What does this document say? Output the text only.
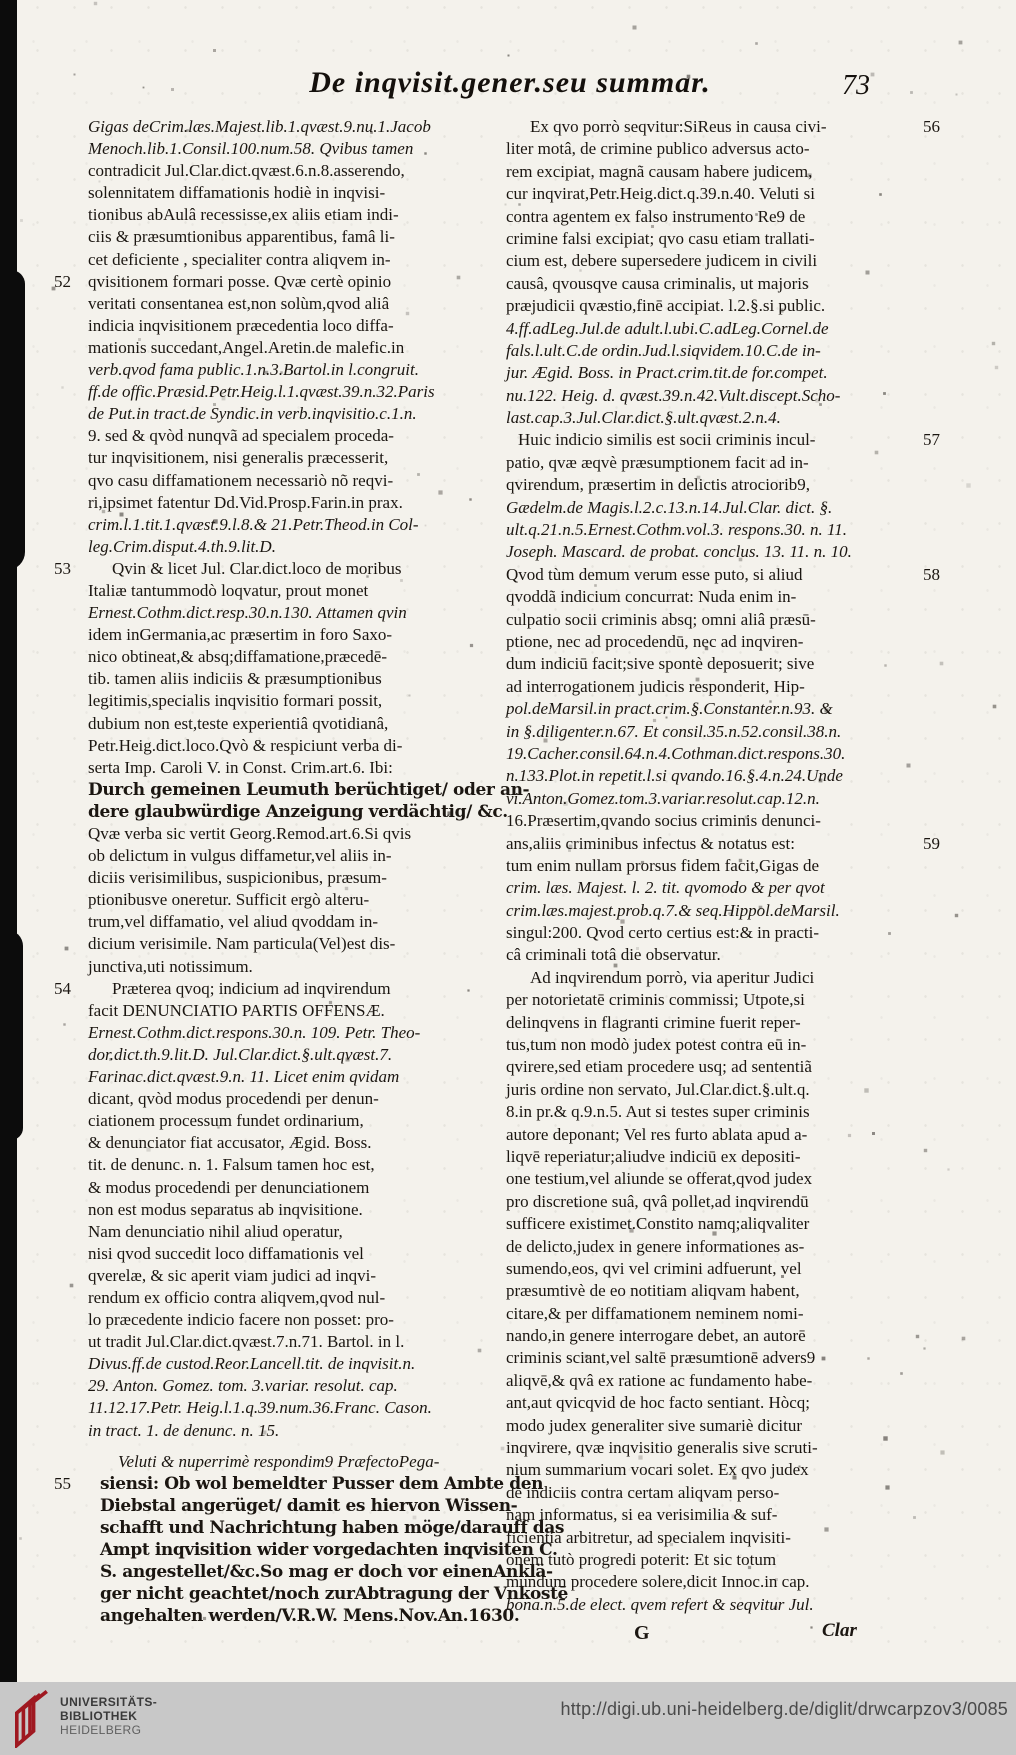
De inqvisit.gener.seu summar.	73
Gigas deCrim.læs.Majest.lib.1.qvæst.9.nu.1.Jacob
Menoch.lib.1.Consil.100.num.58. Qvibus tamen
contradicit Jul.Clar.dict.qvæst.6.n.8.asserendo,
solennitatem diffamationis hodiè in inqvisi-
tionibus abAulâ recessisse,ex aliis etiam indi-
ciis & præsumtionibus apparentibus, famâ li-
cet deficiente , specialiter contra aliqvem in-
qvisitionem formari posse. Qvæ certè opinio
52
veritati consentanea est,non solùm,qvod aliâ
indicia inqvisitionem præcedentia loco diffa-
mationis succedant,Angel.Aretin.de malefic.in
verb.qvod fama public.1.n.3.Bartol.in l.congruit.
ff.de offic.Præsid.Petr.Heig.l.1.qvæst.39.n.32.Paris
de Put.in tract.de Syndic.in verb.inqvisitio.c.1.n.
9. sed & qvòd nunqvã ad specialem proceda-
tur inqvisitionem, nisi generalis præcesserit,
qvo casu diffamationem necessariò nõ reqvi-
ri,ipsimet fatentur Dd.Vid.Prosp.Farin.in prax.
crim.l.1.tit.1.qvæst.9.l.8.& 21.Petr.Theod.in Col-
leg.Crim.disput.4.th.9.lit.D.
Qvin & licet Jul. Clar.dict.loco de moribus
53
Italiæ tantummodò loqvatur, prout monet
Ernest.Cothm.dict.resp.30.n.130. Attamen qvin
idem inGermania,ac præsertim in foro Saxo-
nico obtineat,& absq;diffamatione,præcedē-
tib. tamen aliis indiciis & præsumptionibus
legitimis,specialis inqvisitio formari possit,
dubium non est,teste experientiâ qvotidianâ,
Petr.Heig.dict.loco.Qvò & respiciunt verba di-
serta Imp. Caroli V. in Const. Crim.art.6. Ibi:
Durch gemeinen Leumuth berüchtiget/ oder an-
dere glaubwürdige Anzeigung verdächtig/ &c.
Qvæ verba sic vertit Georg.Remod.art.6.Si qvis
ob delictum in vulgus diffametur,vel aliis in-
diciis verisimilibus, suspicionibus, præsum-
ptionibusve oneretur. Sufficit ergò alteru-
trum,vel diffamatio, vel aliud qvoddam in-
dicium verisimile. Nam particula(Vel)est dis-
junctiva,uti notissimum.
Præterea qvoq; indicium ad inqvirendum
54
facit DENUNCIATIO PARTIS OFFENSÆ.
Ernest.Cothm.dict.respons.30.n. 109. Petr. Theo-
dor.dict.th.9.lit.D. Jul.Clar.dict.§.ult.qvæst.7.
Farinac.dict.qvæst.9.n. 11. Licet enim qvidam
dicant, qvòd modus procedendi per denun-
ciationem processum fundet ordinarium,
& denunciator fiat accusator, Ægid. Boss.
tit. de denunc. n. 1. Falsum tamen hoc est,
& modus procedendi per denunciationem
non est modus separatus ab inqvisitione.
Nam denunciatio nihil aliud operatur,
nisi qvod succedit loco diffamationis vel
qverelæ, & sic aperit viam judici ad inqvi-
rendum ex officio contra aliqvem,qvod nul-
lo præcedente indicio facere non posset: pro-
ut tradit Jul.Clar.dict.qvæst.7.n.71. Bartol. in l.
Divus.ff.de custod.Reor.Lancell.tit. de inqvisit.n.
29. Anton. Gomez. tom. 3.variar. resolut. cap.
11.12.17.Petr. Heig.l.1.q.39.num.36.Franc. Cason.
in tract. 1. de denunc. n. 15.
Veluti & nuperrimè respondim9 PræfectoPega-
siensi: Ob wol bemeldter Pusser dem Ambte den
55
Diebstal angerüget/ damit es hiervon Wissen-
schafft und Nachrichtung haben möge/darauff das
Ampt inqvisition wider vorgedachten inqvisiten C.
S. angestellet/&c.So mag er doch vor einenAnklä-
ger nicht geachtet/noch zurAbtragung der Vnkostē
angehalten werden/V.R.W. Mens.Nov.An.1630.
Ex qvo porrò seqvitur:SiReus in causa civi-	56
liter motâ, de crimine publico adversus acto-
rem excipiat, magnã causam habere judicem,
cur inqvirat,Petr.Heig.dict.q.39.n.40. Veluti si
contra agentem ex falso instrumento Re9 de
crimine falsi excipiat; qvo casu etiam trallati-
cium est, debere supersedere judicem in civili
causâ, qvousqve causa criminalis, ut majoris
præjudicii qvæstio,finē accipiat. l.2.§.si public.
4.ff.adLeg.Jul.de adult.l.ubi.C.adLeg.Cornel.de
fals.l.ult.C.de ordin.Jud.l.siqvidem.10.C.de in-
jur. Ægid. Boss. in Pract.crim.tit.de for.compet.
nu.122. Heig. d. qvæst.39.n.42.Vult.discept.Scho-
last.cap.3.Jul.Clar.dict.§.ult.qvæst.2.n.4.
Huic indicio similis est socii criminis incul-	57
patio, qvæ æqvè præsumptionem facit ad in-
qvirendum, præsertim in delictis atrociorib9,
Gædelm.de Magis.l.2.c.13.n.14.Jul.Clar. dict. §.
ult.q.21.n.5.Ernest.Cothm.vol.3. respons.30. n. 11.
Joseph. Mascard. de probat. conclus. 13. 11. n. 10.
Qvod tùm demum verum esse puto, si aliud	58
qvoddã indicium concurrat: Nuda enim in-
culpatio socii criminis absq; omni aliâ præsū-
ptione, nec ad procedendū, nec ad inqviren-
dum indiciū facit;sive spontè deposuerit; sive
ad interrogationem judicis responderit, Hip-
pol.deMarsil.in pract.crim.§.Constanter.n.93. &
in §.diligenter.n.67. Et consil.35.n.52.consil.38.n.
19.Cacher.consil.64.n.4.Cothman.dict.respons.30.
n.133.Plot.in repetit.l.si qvando.16.§.4.n.24.Unde
vi.Anton.Gomez.tom.3.variar.resolut.cap.12.n.
16.Præsertim,qvando socius criminis denunci-
ans,aliis criminibus infectus & notatus est:	59
tum enim nullam prorsus fidem facit,Gigas de
crim. læs. Majest. l. 2. tit. qvomodo & per qvot
crim.læs.majest.prob.q.7.& seq.Hippol.deMarsil.
singul:200. Qvod certo certius est:& in practi-
câ criminali totâ die observatur.
Ad inqvirendum porrò, via aperitur Judici
per notorietatē criminis commissi; Utpote,si
delinqvens in flagranti crimine fuerit reper-
tus,tum non modò judex potest contra eū in-
qvirere,sed etiam procedere usq; ad sententiã
juris ordine non servato, Jul.Clar.dict.§.ult.q.
8.in pr.& q.9.n.5. Aut si testes super criminis
autore deponant; Vel res furto ablata apud a-
liqvē reperiatur;aliudve indiciū ex depositi-
one testium,vel aliunde se offerat,qvod judex
pro discretione suâ, qvâ pollet,ad inqvirendū
sufficere existimet.Constito namq;aliqvaliter
de delicto,judex in genere informationes as-
sumendo,eos, qvi vel crimini adfuerunt, vel
præsumtivè de eo notitiam aliqvam habent,
citare,& per diffamationem neminem nomi-
nando,in genere interrogare debet, an autorē
criminis sciant,vel saltē præsumtionē advers9
aliqvē,& qvâ ex ratione ac fundamento habe-
ant,aut qvicqvid de hoc facto sentiant. Hòcq;
modo judex generaliter sive sumariè dicitur
inqvirere, qvæ inqvisitio generalis sive scruti-
nium summarium vocari solet. Ex qvo judex
de indiciis contra certam aliqvam perso-
nam informatus, si ea verisimilia & suf-
ficientia arbitretur, ad specialem inqvisiti-
onem tutò progredi poterit: Et sic totum
mundum procedere solere,dicit Innoc.in cap.
bona.n.5.de elect. qvem refert & seqvitur Jul.
G	Clar
UNIVERSITÄTS-
BIBLIOTHEK
HEIDELBERG
http://digi.ub.uni-heidelberg.de/diglit/drwcarpzov3/0085
